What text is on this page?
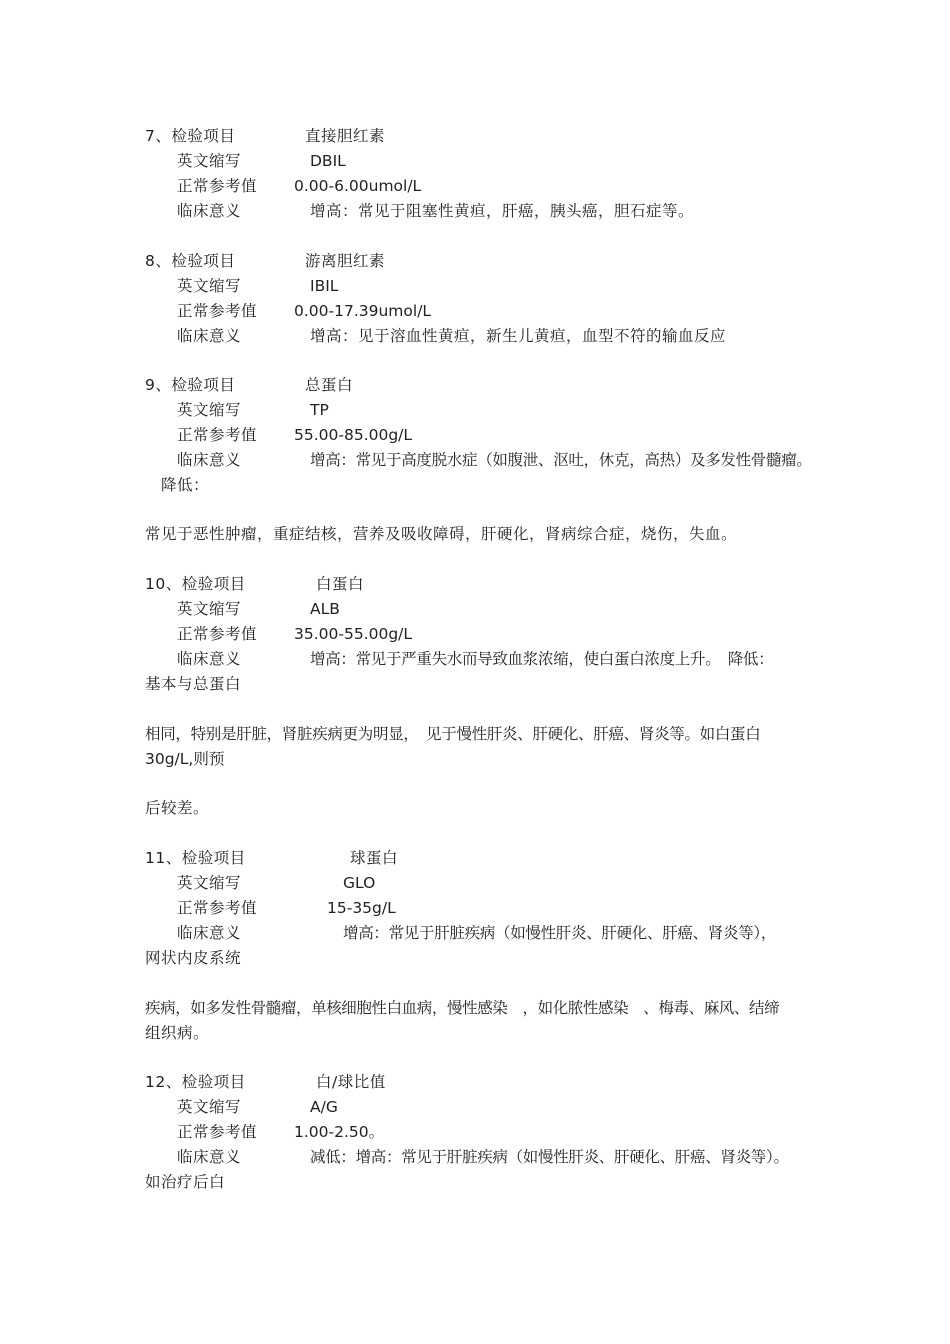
7、检验项目	直接胆红素
英文缩写	DBIL
正常参考值 0.00-6.00umol/L
临床意义	增高：常见于阻塞性黄疸，肝癌，胰头癌，胆石症等。
8、检验项目	游离胆红素
英文缩写	IBIL
正常参考值 0.00-17.39umol/L
临床意义	增高：见于溶血性黄疸，新生儿黄疸，血型不符的输血反应
9、检验项目	总蛋白
英文缩写	TP
正常参考值 55.00-85.00g/L
临床意义	增高：常见于高度脱水症（如腹泄、沤吐，休克，高热）及多发性骨髓瘤。
降低：
常见于恶性肿瘤，重症结核，营养及吸收障碍，肝硬化，肾病综合症，烧伤，失血。
10、检验项目	白蛋白
英文缩写	ALB
正常参考值 35.00-55.00g/L
临床意义	增高：常见于严重失水而导致血浆浓缩，使白蛋白浓度上升。　降低：
基本与总蛋白
相同，特别是肝脏，肾脏疾病更为明显，　见于慢性肝炎、肝硬化、肝癌、肾炎等。如白蛋白
30g/L,则预
后较差。
11、检验项目	球蛋白
英文缩写	GLO
正常参考值	15-35g/L
临床意义	增高：常见于肝脏疾病（如慢性肝炎、肝硬化、肝癌、肾炎等），
网状内皮系统
疾病，如多发性骨髓瘤，单核细胞性白血病，慢性感染　，如化脓性感染　、梅毒、麻风、结缔
组织病。
12、检验项目	白/球比值
英文缩写	A/G
正常参考值 1.00-2.50。
临床意义	减低：增高：常见于肝脏疾病（如慢性肝炎、肝硬化、肝癌、肾炎等）。
如治疗后白
